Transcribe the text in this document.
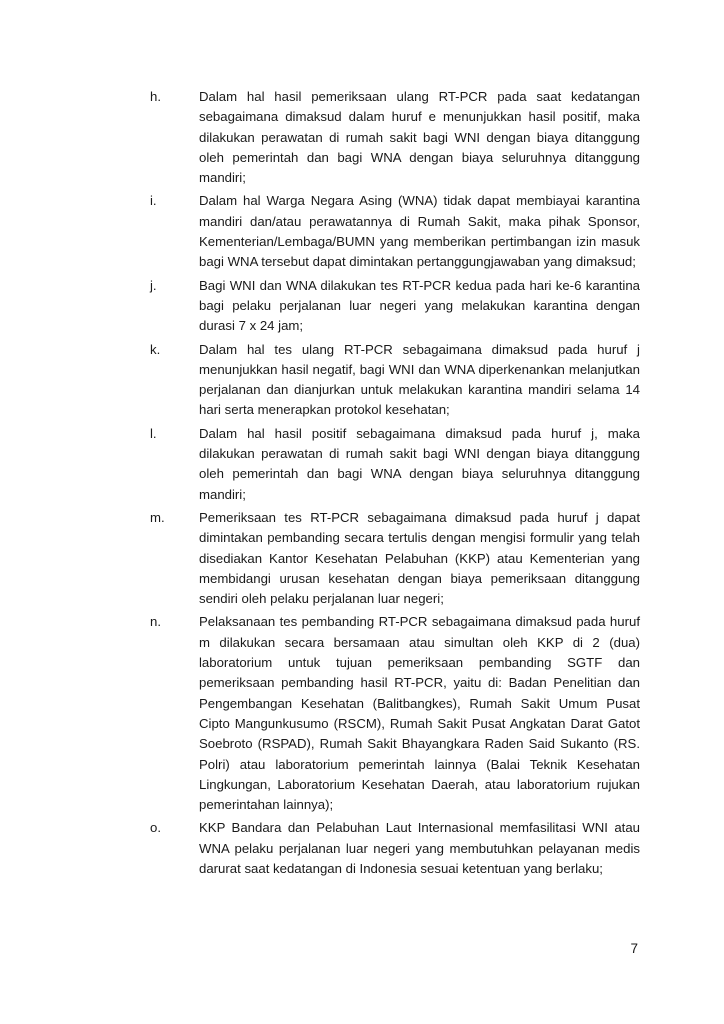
h.	Dalam hal hasil pemeriksaan ulang RT-PCR pada saat kedatangan sebagaimana dimaksud dalam huruf e menunjukkan hasil positif, maka dilakukan perawatan di rumah sakit bagi WNI dengan biaya ditanggung oleh pemerintah dan bagi WNA dengan biaya seluruhnya ditanggung mandiri;
i.	Dalam hal Warga Negara Asing (WNA) tidak dapat membiayai karantina mandiri dan/atau perawatannya di Rumah Sakit, maka pihak Sponsor, Kementerian/Lembaga/BUMN yang memberikan pertimbangan izin masuk bagi WNA tersebut dapat dimintakan pertanggungjawaban yang dimaksud;
j.	Bagi WNI dan WNA dilakukan tes RT-PCR kedua pada hari ke-6 karantina bagi pelaku perjalanan luar negeri yang melakukan karantina dengan durasi 7 x 24 jam;
k.	Dalam hal tes ulang RT-PCR sebagaimana dimaksud pada huruf j menunjukkan hasil negatif, bagi WNI dan WNA diperkenankan melanjutkan perjalanan dan dianjurkan untuk melakukan karantina mandiri selama 14 hari serta menerapkan protokol kesehatan;
l.	Dalam hal hasil positif sebagaimana dimaksud pada huruf j, maka dilakukan perawatan di rumah sakit bagi WNI dengan biaya ditanggung oleh pemerintah dan bagi WNA dengan biaya seluruhnya ditanggung mandiri;
m.	Pemeriksaan tes RT-PCR sebagaimana dimaksud pada huruf j dapat dimintakan pembanding secara tertulis dengan mengisi formulir yang telah disediakan Kantor Kesehatan Pelabuhan (KKP) atau Kementerian yang membidangi urusan kesehatan dengan biaya pemeriksaan ditanggung sendiri oleh pelaku perjalanan luar negeri;
n.	Pelaksanaan tes pembanding RT-PCR sebagaimana dimaksud pada huruf m dilakukan secara bersamaan atau simultan oleh KKP di 2 (dua) laboratorium untuk tujuan pemeriksaan pembanding SGTF dan pemeriksaan pembanding hasil RT-PCR, yaitu di: Badan Penelitian dan Pengembangan Kesehatan (Balitbangkes), Rumah Sakit Umum Pusat Cipto Mangunkusumo (RSCM), Rumah Sakit Pusat Angkatan Darat Gatot Soebroto (RSPAD), Rumah Sakit Bhayangkara Raden Said Sukanto (RS. Polri) atau laboratorium pemerintah lainnya (Balai Teknik Kesehatan Lingkungan, Laboratorium Kesehatan Daerah, atau laboratorium rujukan pemerintahan lainnya);
o.	KKP Bandara dan Pelabuhan Laut Internasional memfasilitasi WNI atau WNA pelaku perjalanan luar negeri yang membutuhkan pelayanan medis darurat saat kedatangan di Indonesia sesuai ketentuan yang berlaku;
7
